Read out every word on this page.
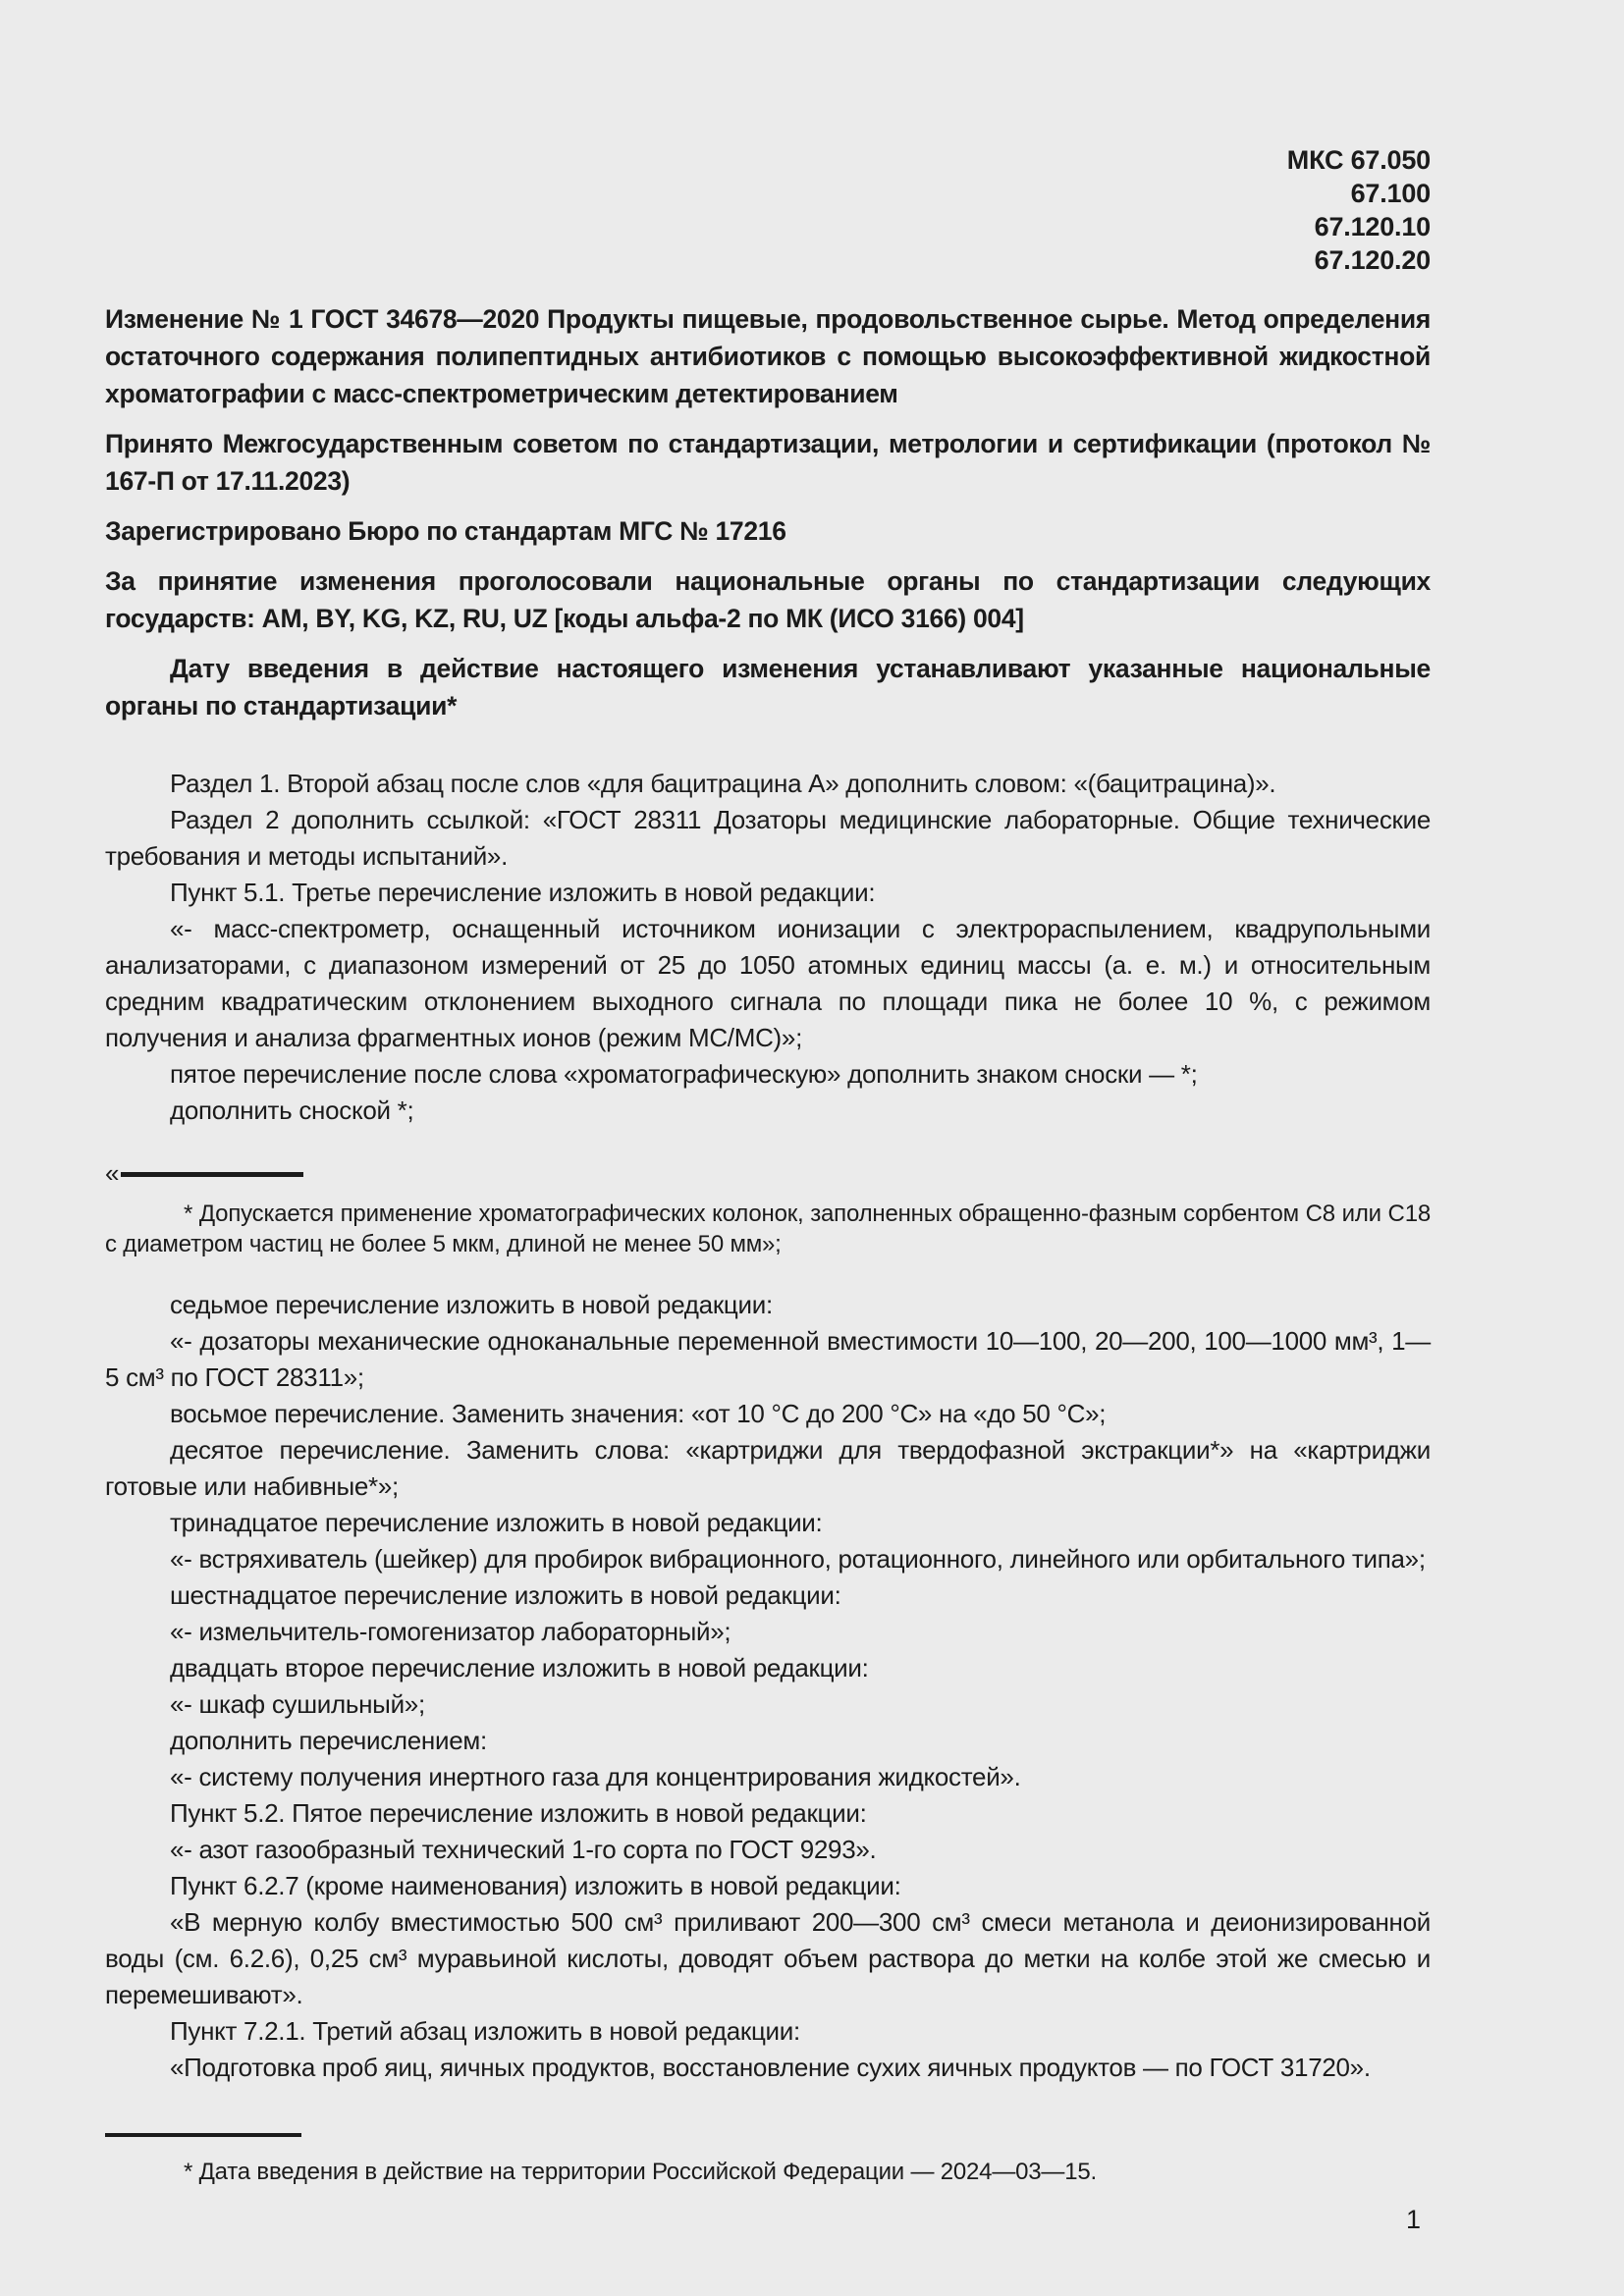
МКС 67.050
67.100
67.120.10
67.120.20

Изменение № 1 ГОСТ 34678—2020 Продукты пищевые, продовольственное сырье. Метод определения остаточного содержания полипептидных антибиотиков с помощью высокоэффективной жидкостной хроматографии с масс-спектрометрическим детектированием

Принято Межгосударственным советом по стандартизации, метрологии и сертификации (протокол № 167-П от 17.11.2023)

Зарегистрировано Бюро по стандартам МГС № 17216

За принятие изменения проголосовали национальные органы по стандартизации следующих государств: AM, BY, KG, KZ, RU, UZ [коды альфа-2 по МК (ИСО 3166) 004]

Дату введения в действие настоящего изменения устанавливают указанные национальные органы по стандартизации*

Раздел 1. Второй абзац после слов «для бацитрацина А» дополнить словом: «(бацитрацина)».

Раздел 2 дополнить ссылкой: «ГОСТ 28311 Дозаторы медицинские лабораторные. Общие технические требования и методы испытаний».

Пункт 5.1. Третье перечисление изложить в новой редакции:

«- масс-спектрометр, оснащенный источником ионизации с электрораспылением, квадрупольными анализаторами, с диапазоном измерений от 25 до 1050 атомных единиц массы (а. е. м.) и относительным средним квадратическим отклонением выходного сигнала по площади пика не более 10 %, с режимом получения и анализа фрагментных ионов (режим МС/МС)»;

пятое перечисление после слова «хроматографическую» дополнить знаком сноски — *;

дополнить сноской *;

«

* Допускается применение хроматографических колонок, заполненных обращенно-фазным сорбентом С8 или С18 с диаметром частиц не более 5 мкм, длиной не менее 50 мм»;

седьмое перечисление изложить в новой редакции:

«- дозаторы механические одноканальные переменной вместимости 10—100, 20—200, 100—1000 мм³, 1—5 см³ по ГОСТ 28311»;

восьмое перечисление. Заменить значения: «от 10 °С до 200 °С» на «до 50 °С»;

десятое перечисление. Заменить слова: «картриджи для твердофазной экстракции*» на «картриджи готовые или набивные*»;

тринадцатое перечисление изложить в новой редакции:

«- встряхиватель (шейкер) для пробирок вибрационного, ротационного, линейного или орбитального типа»;

шестнадцатое перечисление изложить в новой редакции:

«- измельчитель-гомогенизатор лабораторный»;

двадцать второе перечисление изложить в новой редакции:

«- шкаф сушильный»;

дополнить перечислением:

«- систему получения инертного газа для концентрирования жидкостей».

Пункт 5.2. Пятое перечисление изложить в новой редакции:

«- азот газообразный технический 1-го сорта по ГОСТ 9293».

Пункт 6.2.7 (кроме наименования) изложить в новой редакции:

«В мерную колбу вместимостью 500 см³ приливают 200—300 см³ смеси метанола и деионизированной воды (см. 6.2.6), 0,25 см³ муравьиной кислоты, доводят объем раствора до метки на колбе этой же смесью и перемешивают».

Пункт 7.2.1. Третий абзац изложить в новой редакции:

«Подготовка проб яиц, яичных продуктов, восстановление сухих яичных продуктов — по ГОСТ 31720».

* Дата введения в действие на территории Российской Федерации — 2024—03—15.

1
